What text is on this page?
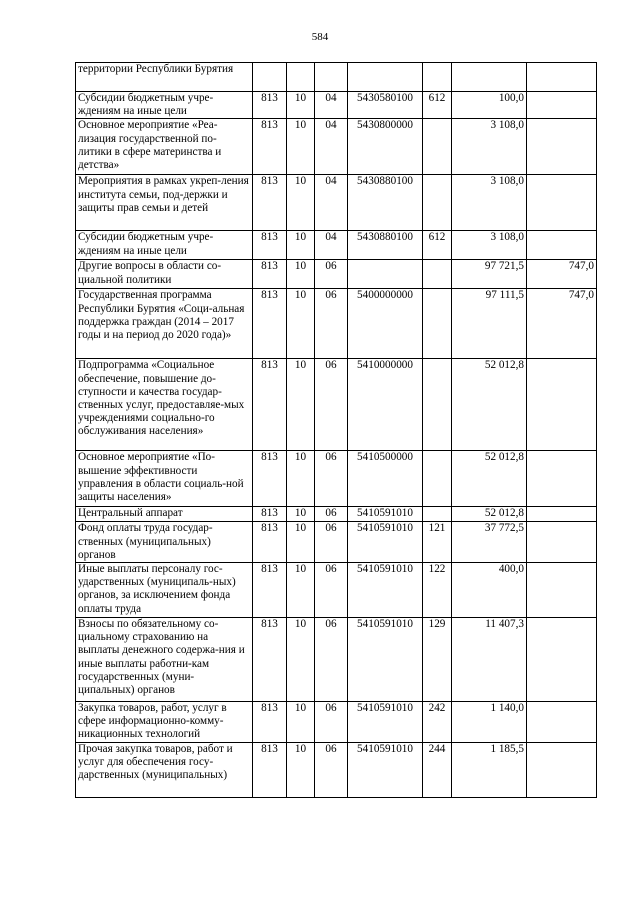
584
территории Республики Бурятия							
Субсидии бюджетным учре-ждениям на иные цели	813	10	04	5430580100	612	100,0	
Основное мероприятие «Реа-лизация государственной по-литики в сфере материнства и детства»	813	10	04	5430800000		3 108,0	
Мероприятия в рамках укреп-ления института семьи, под-держки и защиты прав семьи и детей	813	10	04	5430880100		3 108,0	
Субсидии бюджетным учре-ждениям на иные цели	813	10	04	5430880100	612	3 108,0	
Другие вопросы в области со-циальной политики	813	10	06			97 721,5	747,0
Государственная программа Республики Бурятия «Соци-альная поддержка граждан (2014 – 2017 годы и на период до 2020 года)»	813	10	06	5400000000		97 111,5	747,0
Подпрограмма «Социальное обеспечение, повышение до-ступности и качества государ-ственных услуг, предоставляе-мых учреждениями социально-го обслуживания населения»	813	10	06	5410000000		52 012,8	
Основное мероприятие «По-вышение эффективности управления в области социаль-ной защиты населения»	813	10	06	5410500000		52 012,8	
Центральный аппарат	813	10	06	5410591010		52 012,8	
Фонд оплаты труда государ-ственных (муниципальных) органов	813	10	06	5410591010	121	37 772,5	
Иные выплаты персоналу гос-ударственных (муниципаль-ных) органов, за исключением фонда оплаты труда	813	10	06	5410591010	122	400,0	
Взносы по обязательному со-циальному страхованию на выплаты денежного содержа-ния и иные выплаты работни-кам государственных (муни-ципальных) органов	813	10	06	5410591010	129	11 407,3	
Закупка товаров, работ, услуг в сфере информационно-комму-никационных технологий	813	10	06	5410591010	242	1 140,0	
Прочая закупка товаров, работ и услуг для обеспечения госу-дарственных (муниципальных)	813	10	06	5410591010	244	1 185,5	
